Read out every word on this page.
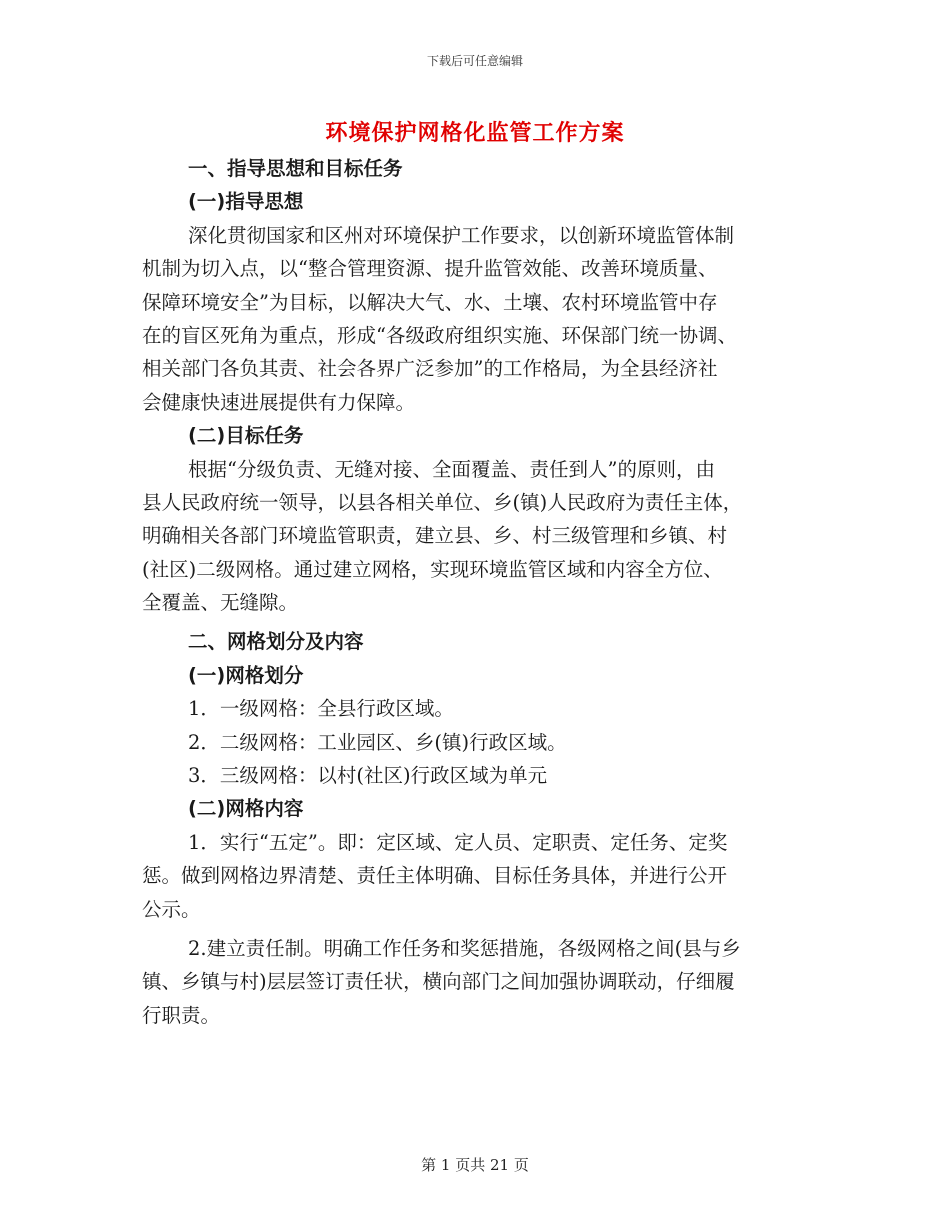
下载后可任意编辑
环境保护网格化监管工作方案
一、指导思想和目标任务
(一)指导思想
深化贯彻国家和区州对环境保护工作要求，以创新环境监管体制
机制为切入点，以“整合管理资源、提升监管效能、改善环境质量、
保障环境安全”为目标，以解决大气、水、土壤、农村环境监管中存
在的盲区死角为重点，形成“各级政府组织实施、环保部门统一协调、
相关部门各负其责、社会各界广泛参加”的工作格局，为全县经济社
会健康快速进展提供有力保障。
(二)目标任务
根据“分级负责、无缝对接、全面覆盖、责任到人”的原则，由
县人民政府统一领导，以县各相关单位、乡(镇)人民政府为责任主体，
明确相关各部门环境监管职责，建立县、乡、村三级管理和乡镇、村
(社区)二级网格。通过建立网格，实现环境监管区域和内容全方位、
全覆盖、无缝隙。
二、网格划分及内容
(一)网格划分
1．一级网格：全县行政区域。
2．二级网格：工业园区、乡(镇)行政区域。
3．三级网格：以村(社区)行政区域为单元
(二)网格内容
1．实行“五定”。即：定区域、定人员、定职责、定任务、定奖
惩。做到网格边界清楚、责任主体明确、目标任务具体，并进行公开
公示。
2.建立责任制。明确工作任务和奖惩措施，各级网格之间(县与乡
镇、乡镇与村)层层签订责任状，横向部门之间加强协调联动，仔细履
行职责。
第 1 页共 21 页
